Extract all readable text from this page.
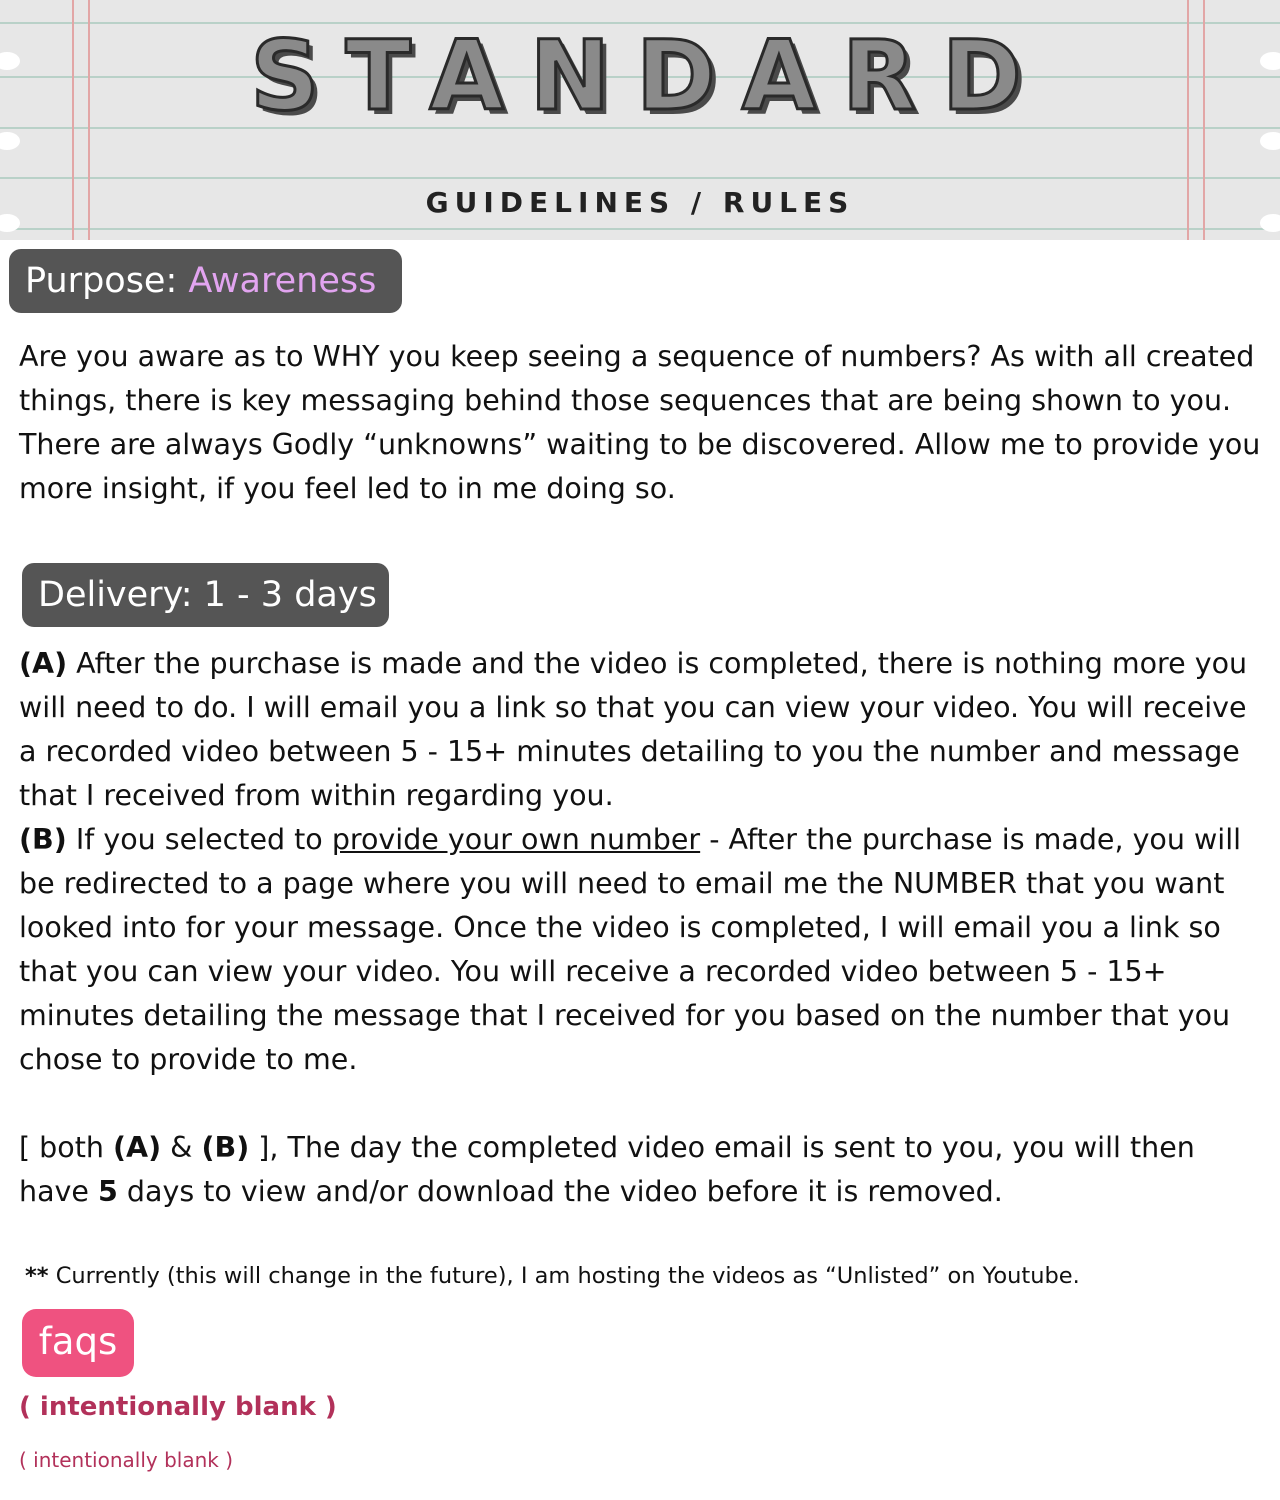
STANDARD
GUIDELINES / RULES
Purpose: Awareness
Are you aware as to WHY you keep seeing a sequence of numbers? As with all created things, there is key messaging behind those sequences that are being shown to you. There are always Godly “unknowns” waiting to be discovered. Allow me to provide you more insight, if you feel led to in me doing so.
Delivery: 1 - 3 days
(A) After the purchase is made and the video is completed, there is nothing more you will need to do. I will email you a link so that you can view your video. You will receive a recorded video between 5 - 15+ minutes detailing to you the number and message that I received from within regarding you.
(B) If you selected to provide your own number - After the purchase is made, you will be redirected to a page where you will need to email me the NUMBER that you want looked into for your message. Once the video is completed, I will email you a link so that you can view your video. You will receive a recorded video between 5 - 15+ minutes detailing the message that I received for you based on the number that you chose to provide to me.
[ both (A) & (B) ], The day the completed video email is sent to you, you will then have 5 days to view and/or download the video before it is removed.
** Currently (this will change in the future), I am hosting the videos as “Unlisted” on Youtube.
faqs
( intentionally blank )
( intentionally blank )
